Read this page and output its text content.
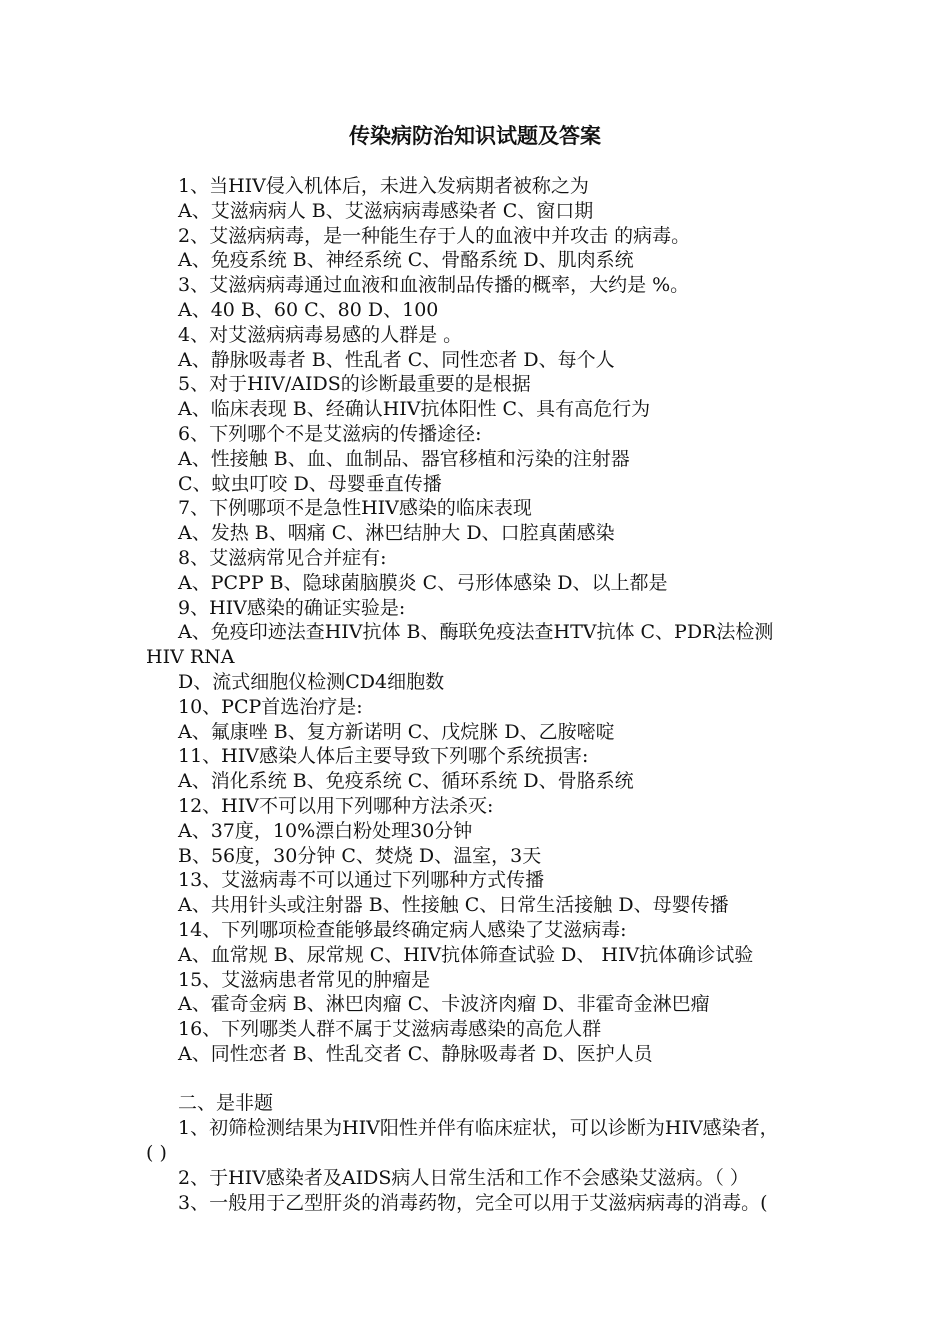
传染病防治知识试题及答案
1、当HIV侵入机体后，未进入发病期者被称之为
A、艾滋病病人 B、艾滋病病毒感染者 C、窗口期
2、艾滋病病毒，是一种能生存于人的血液中并攻击 的病毒。
A、免疫系统 B、神经系统 C、骨酪系统 D、肌肉系统
3、艾滋病病毒通过血液和血液制品传播的概率，大约是 %。
A、40 B、60 C、80 D、100
4、对艾滋病病毒易感的人群是 。
A、静脉吸毒者 B、性乱者 C、同性恋者 D、每个人
5、对于HIV/AIDS的诊断最重要的是根据
A、临床表现 B、经确认HIV抗体阳性 C、具有高危行为
6、下列哪个不是艾滋病的传播途径:
A、性接触 B、血、血制品、器官移植和污染的注射器
C、蚊虫叮咬 D、母婴垂直传播
7、下例哪项不是急性HIV感染的临床表现
A、发热 B、咽痛 C、淋巴结肿大 D、口腔真菌感染
8、艾滋病常见合并症有:
A、PCPP B、隐球菌脑膜炎 C、弓形体感染 D、以上都是
9、HIV感染的确证实验是:
A、免疫印迹法查HIV抗体 B、酶联免疫法查HTV抗体 C、PDR法检测
HIV RNA
D、流式细胞仪检测CD4细胞数
10、PCP首选治疗是:
A、氟康唑 B、复方新诺明 C、戊烷脒 D、乙胺嘧啶
11、HIV感染人体后主要导致下列哪个系统损害:
A、消化系统 B、免疫系统 C、循环系统 D、骨胳系统
12、HIV不可以用下列哪种方法杀灭:
A、37度，10%漂白粉处理30分钟
B、56度，30分钟 C、焚烧 D、温室，3天
13、艾滋病毒不可以通过下列哪种方式传播
A、共用针头或注射器 B、性接触 C、日常生活接触 D、母婴传播
14、下列哪项检查能够最终确定病人感染了艾滋病毒:
A、血常规 B、尿常规 C、HIV抗体筛查试验 D、 HIV抗体确诊试验
15、艾滋病患者常见的肿瘤是
A、霍奇金病 B、淋巴肉瘤 C、卡波济肉瘤 D、非霍奇金淋巴瘤
16、下列哪类人群不属于艾滋病毒感染的高危人群
A、同性恋者 B、性乱交者 C、静脉吸毒者 D、医护人员
二、是非题
1、初筛检测结果为HIV阳性并伴有临床症状，可以诊断为HIV感染者，
( )
2、于HIV感染者及AIDS病人日常生活和工作不会感染艾滋病。（ ）
3、一般用于乙型肝炎的消毒药物，完全可以用于艾滋病病毒的消毒。(
